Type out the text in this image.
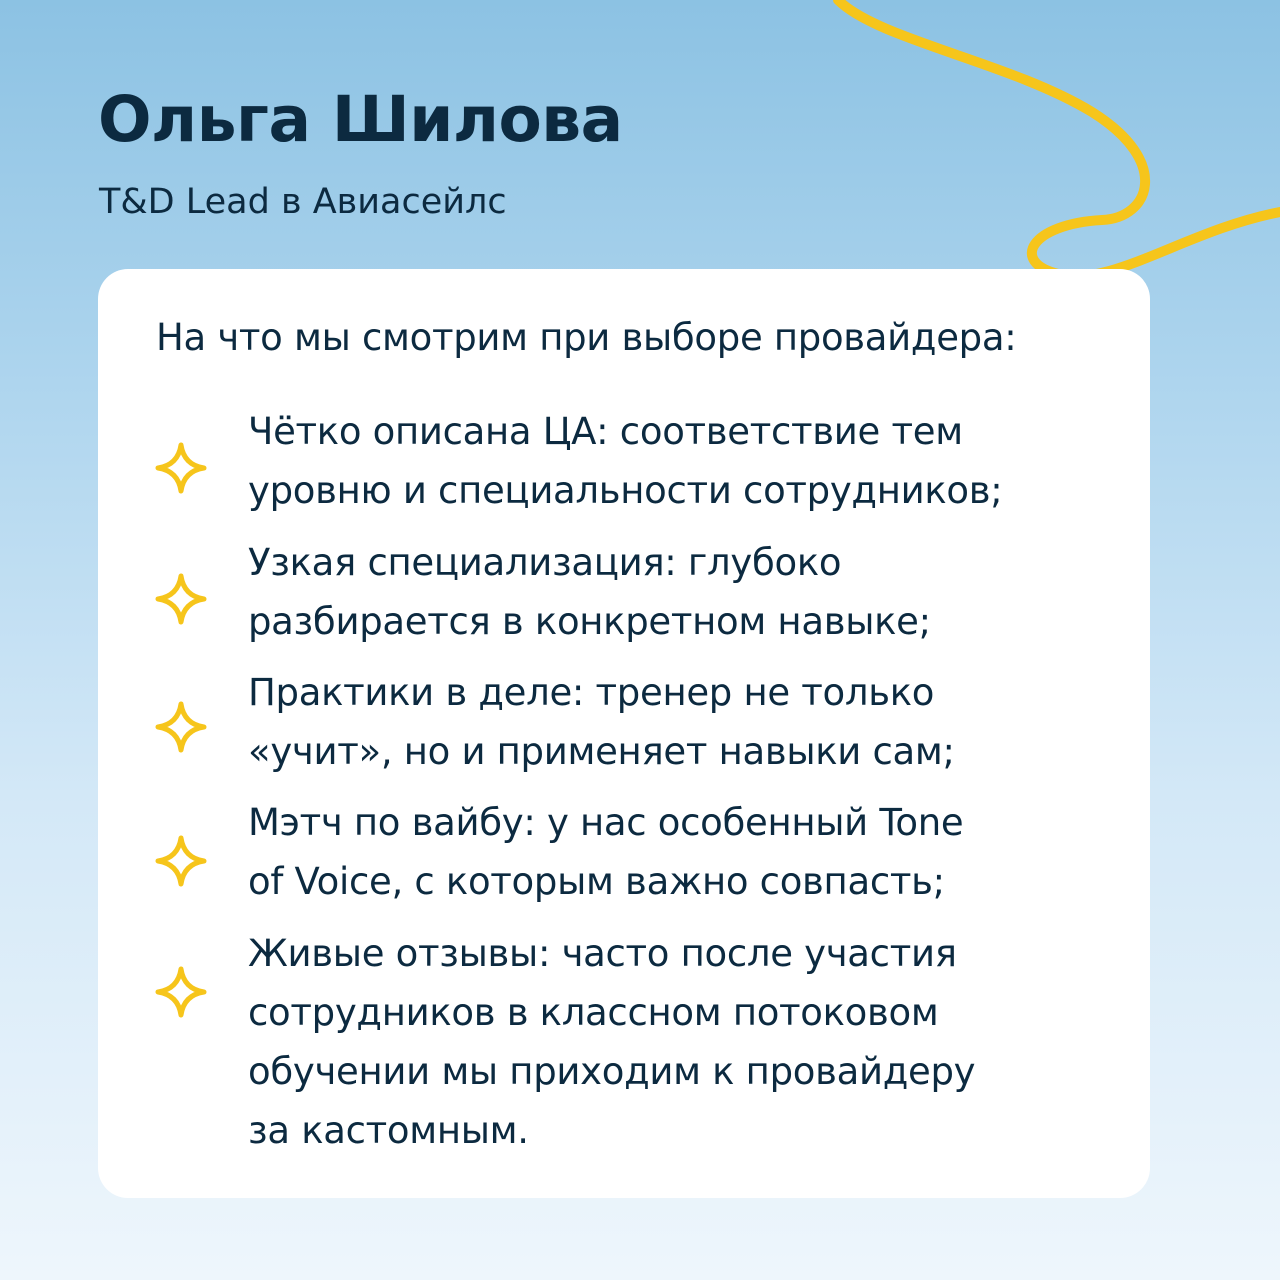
Ольга Шилова

T&D Lead в Авиасейлс

На что мы смотрим при выборе провайдера:

Чётко описана ЦА: соответствие тем
уровню и специальности сотрудников;
Узкая специализация: глубоко
разбирается в конкретном навыке;
Практики в деле: тренер не только
«учит», но и применяет навыки сам;
Мэтч по вайбу: у нас особенный Tone
of Voice, с которым важно совпасть;
Живые отзывы: часто после участия
сотрудников в классном потоковом
обучении мы приходим к провайдеру
за кастомным.
